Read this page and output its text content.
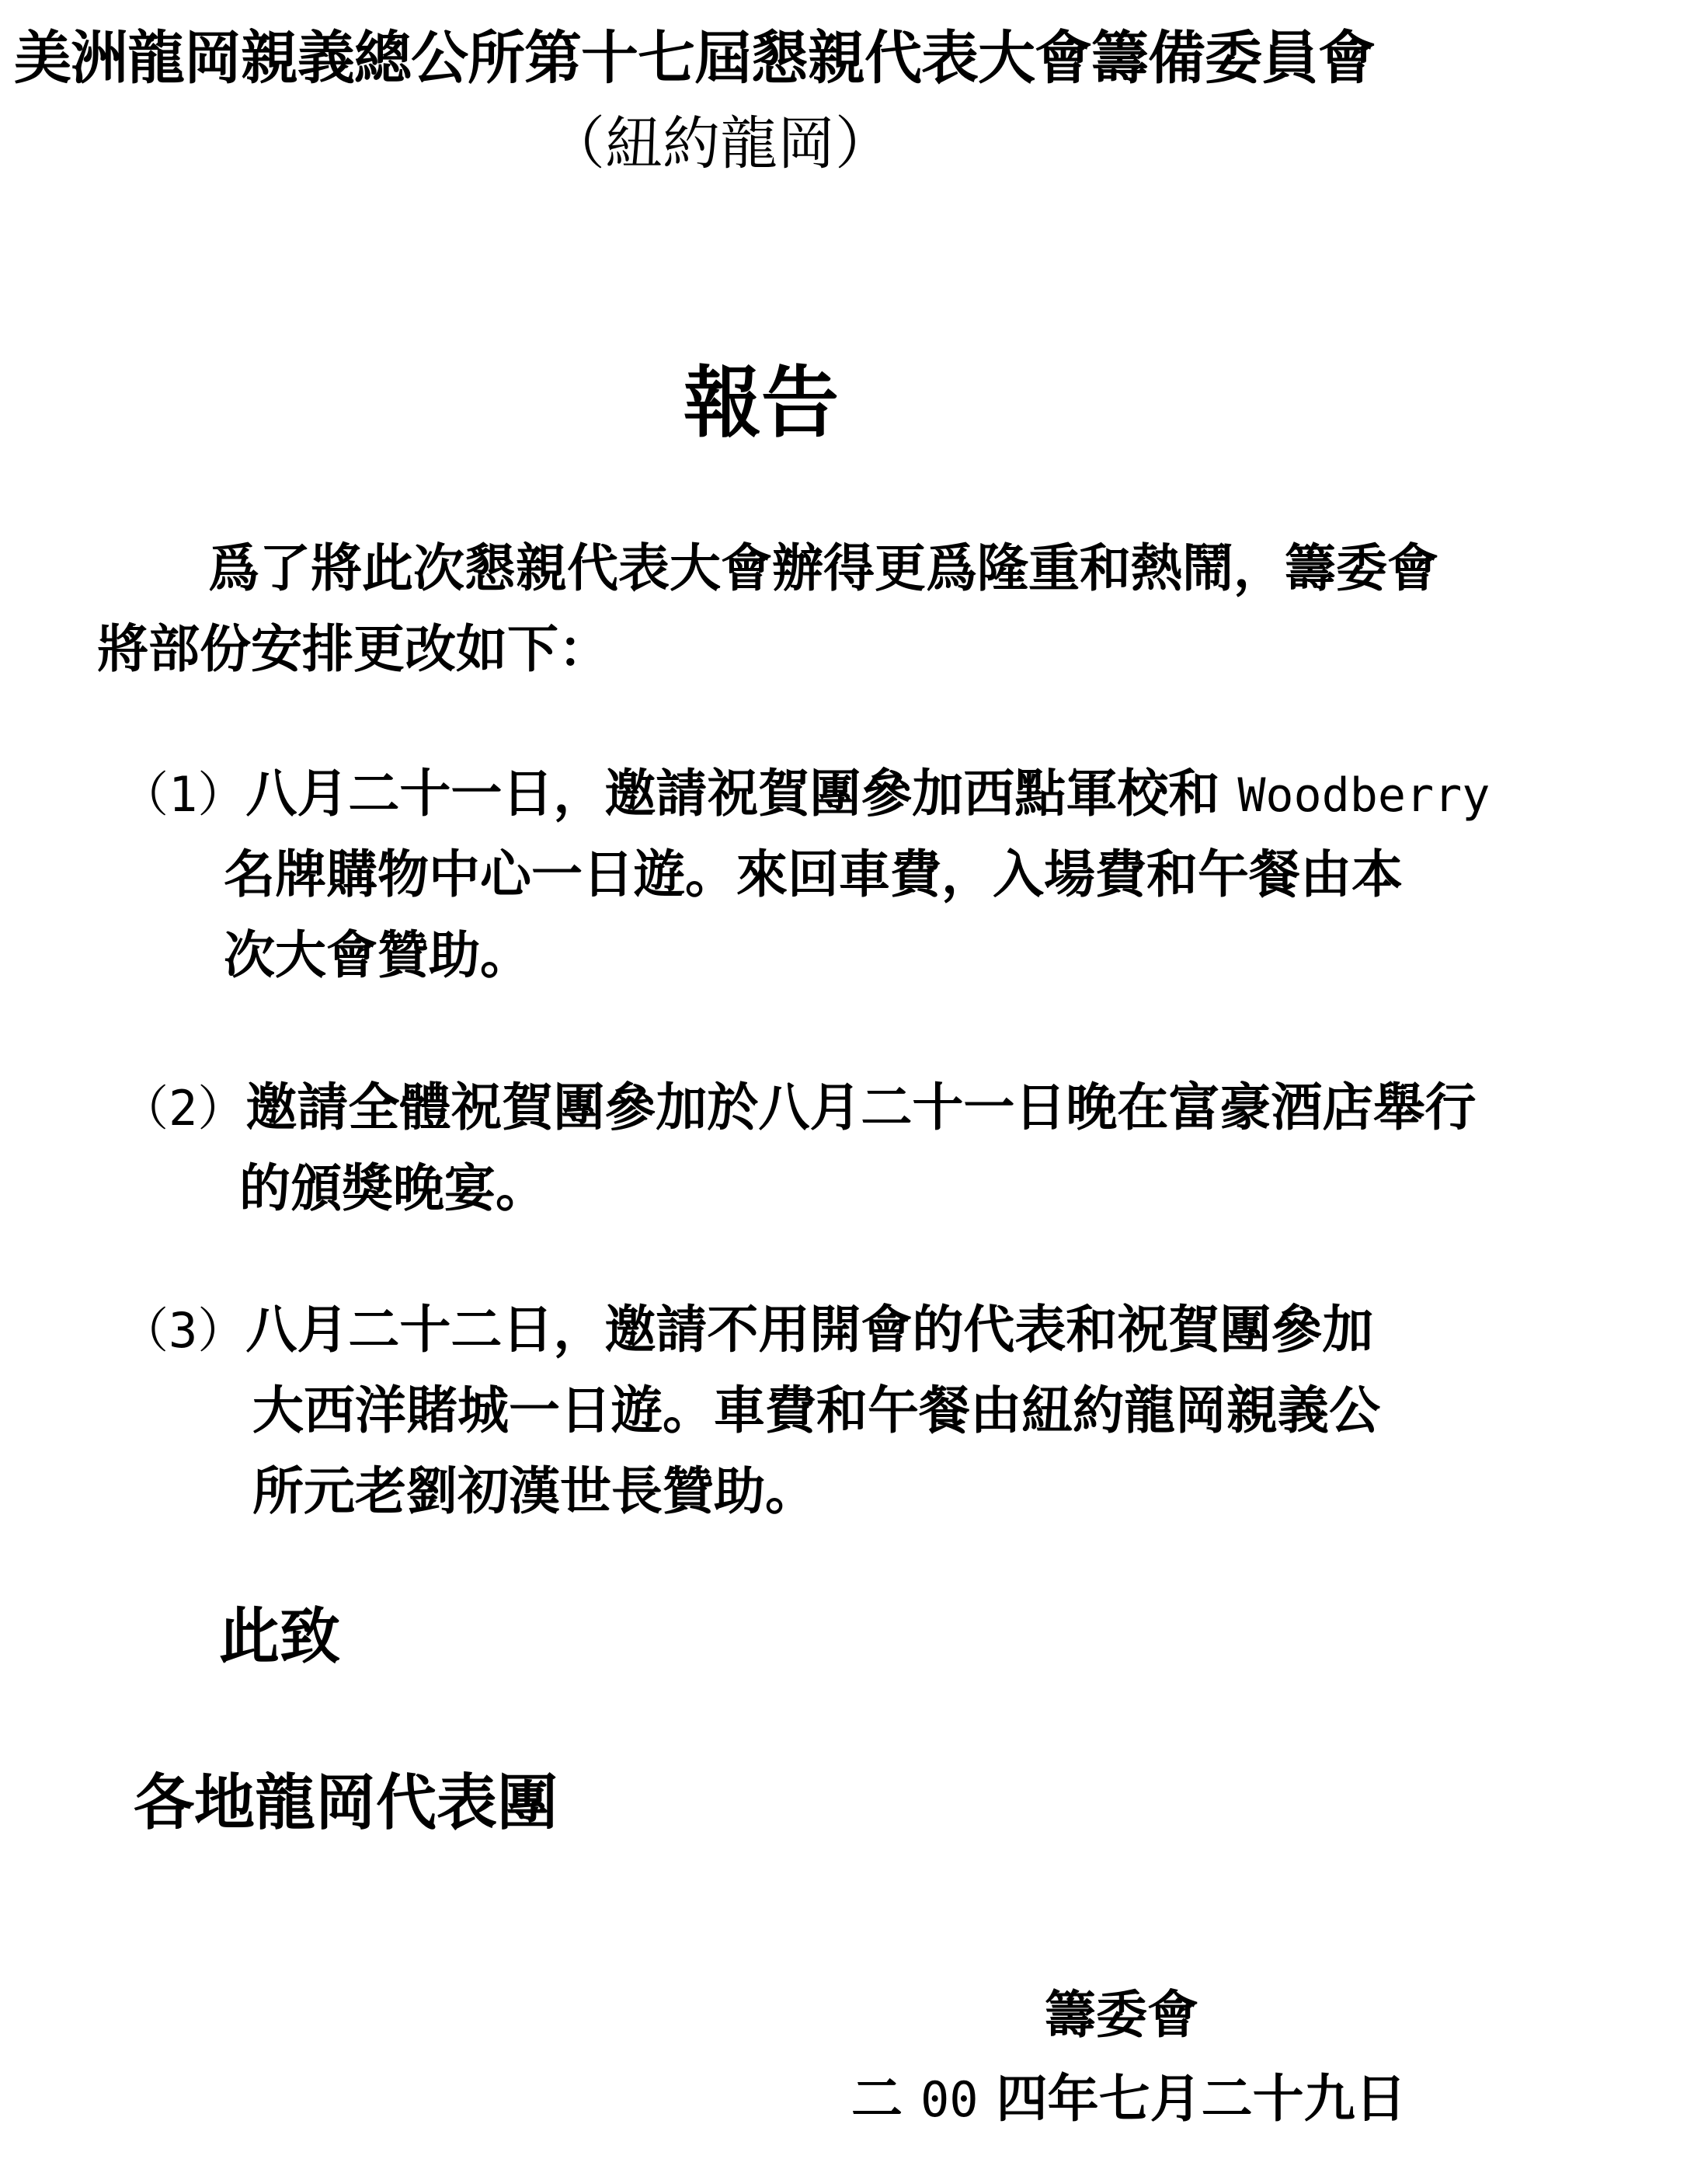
美洲龍岡親義總公所第十七屆懇親代表大會籌備委員會
（紐約龍岡）
報告

爲了將此次懇親代表大會辦得更爲隆重和熱鬧，籌委會

將部份安排更改如下：

（1）八月二十一日，邀請祝賀團參加西點軍校和 Woodberry

名牌購物中心一日遊。來回車費，入場費和午餐由本

次大會贊助。

（2）邀請全體祝賀團參加於八月二十一日晚在富豪酒店舉行

的頒獎晚宴。

（3）八月二十二日，邀請不用開會的代表和祝賀團參加

大西洋賭城一日遊。車費和午餐由紐約龍岡親義公

所元老劉初漢世長贊助。

此致

各地龍岡代表團

籌委會

二 00 四年七月二十九日
